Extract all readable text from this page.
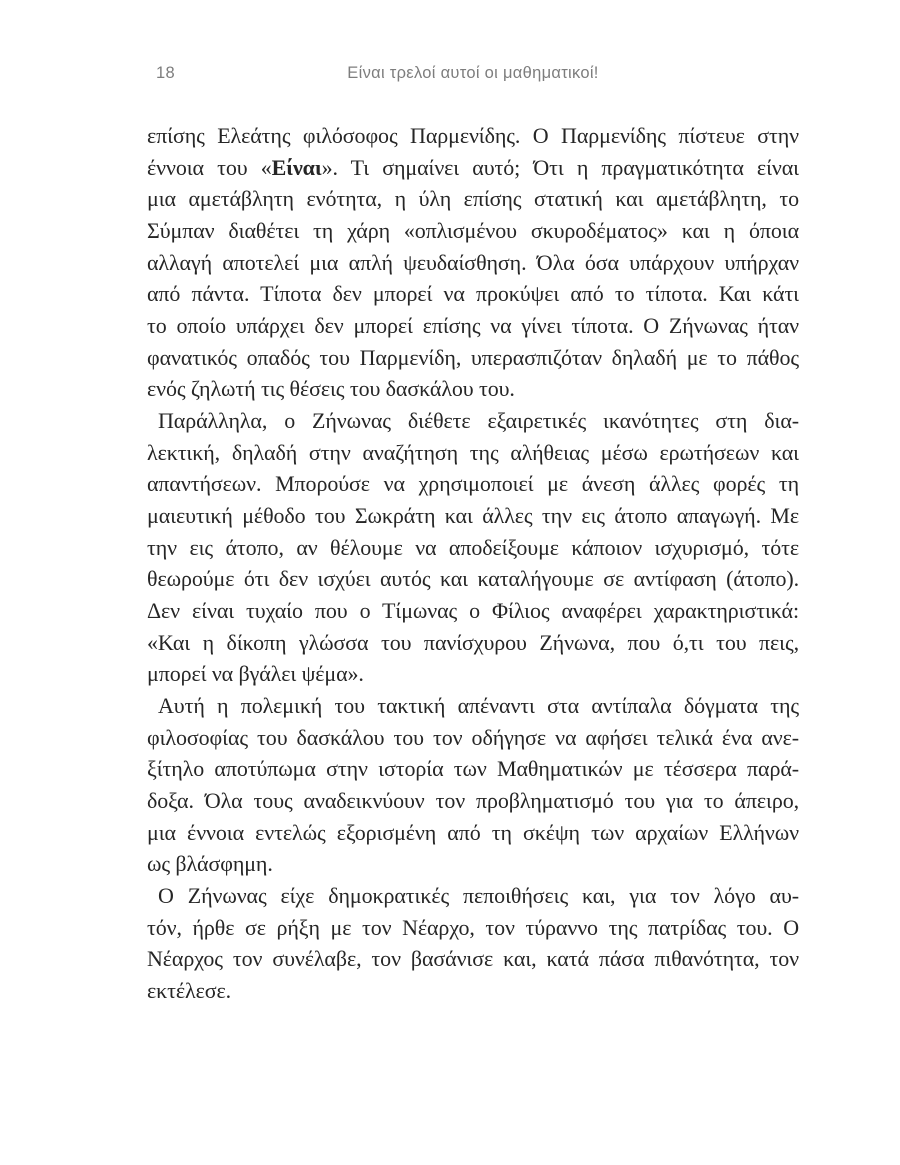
18	Είναι τρελοί αυτοί οι μαθηματικοί!
επίσης Ελεάτης φιλόσοφος Παρμενίδης. Ο Παρμενίδης πίστευε στην
έννοια του «Είναι». Τι σημαίνει αυτό; Ότι η πραγματικότητα είναι
μια αμετάβλητη ενότητα, η ύλη επίσης στατική και αμετάβλητη, το
Σύμπαν διαθέτει τη χάρη «οπλισμένου σκυροδέματος» και η όποια
αλλαγή αποτελεί μια απλή ψευδαίσθηση. Όλα όσα υπάρχουν υπήρχαν
από πάντα. Τίποτα δεν μπορεί να προκύψει από το τίποτα. Και κάτι
το οποίο υπάρχει δεν μπορεί επίσης να γίνει τίποτα. Ο Ζήνωνας ήταν
φανατικός οπαδός του Παρμενίδη, υπερασπιζόταν δηλαδή με το πάθος
ενός ζηλωτή τις θέσεις του δασκάλου του.
Παράλληλα, ο Ζήνωνας διέθετε εξαιρετικές ικανότητες στη δια-
λεκτική, δηλαδή στην αναζήτηση της αλήθειας μέσω ερωτήσεων και
απαντήσεων. Μπορούσε να χρησιμοποιεί με άνεση άλλες φορές τη
μαιευτική μέθοδο του Σωκράτη και άλλες την εις άτοπο απαγωγή. Με
την εις άτοπο, αν θέλουμε να αποδείξουμε κάποιον ισχυρισμό, τότε
θεωρούμε ότι δεν ισχύει αυτός και καταλήγουμε σε αντίφαση (άτοπο).
Δεν είναι τυχαίο που ο Τίμωνας ο Φίλιος αναφέρει χαρακτηριστικά:
«Και η δίκοπη γλώσσα του πανίσχυρου Ζήνωνα, που ό,τι του πεις,
μπορεί να βγάλει ψέμα».
Αυτή η πολεμική του τακτική απέναντι στα αντίπαλα δόγματα της
φιλοσοφίας του δασκάλου του τον οδήγησε να αφήσει τελικά ένα ανε-
ξίτηλο αποτύπωμα στην ιστορία των Μαθηματικών με τέσσερα παρά-
δοξα. Όλα τους αναδεικνύουν τον προβληματισμό του για το άπειρο,
μια έννοια εντελώς εξορισμένη από τη σκέψη των αρχαίων Ελλήνων
ως βλάσφημη.
Ο Ζήνωνας είχε δημοκρατικές πεποιθήσεις και, για τον λόγο αυ-
τόν, ήρθε σε ρήξη με τον Νέαρχο, τον τύραννο της πατρίδας του. Ο
Νέαρχος τον συνέλαβε, τον βασάνισε και, κατά πάσα πιθανότητα, τον
εκτέλεσε.
